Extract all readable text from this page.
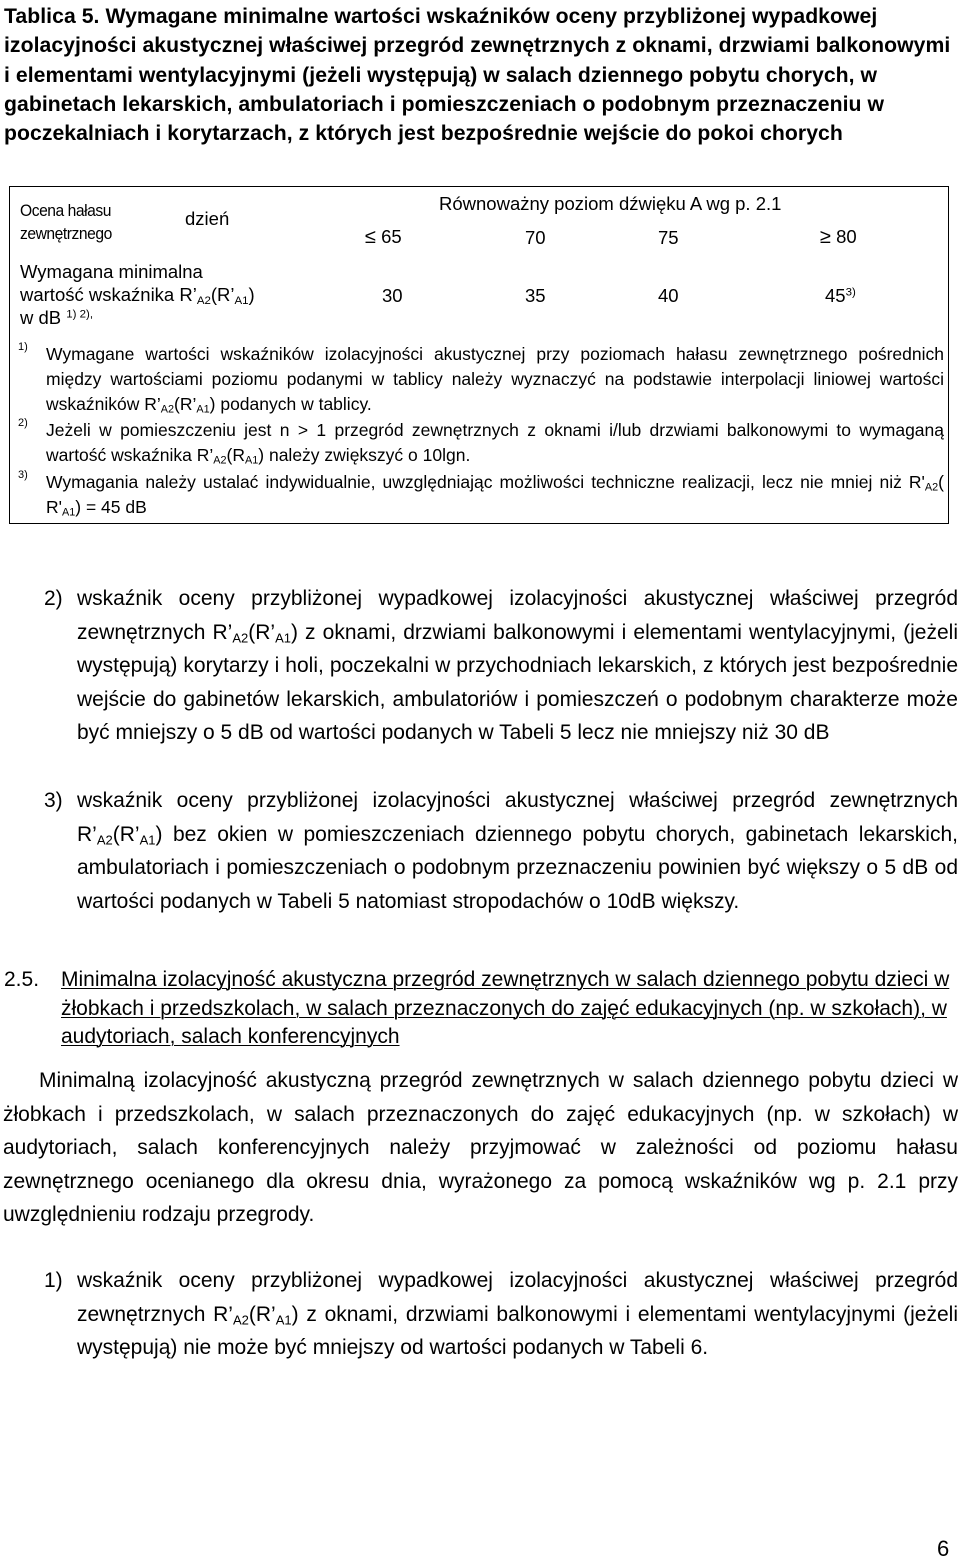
Tablica 5. Wymagane minimalne wartości wskaźników oceny przybliżonej wypadkowej izolacyjności akustycznej właściwej przegród zewnętrznych z oknami, drzwiami balkonowymi i elementami wentylacyjnymi (jeżeli występują) w salach dziennego pobytu chorych, w gabinetach lekarskich, ambulatoriach i pomieszczeniach o podobnym przeznaczeniu w poczekalniach i korytarzach, z których jest bezpośrednie wejście do pokoi chorych
Ocena hałasu zewnętrznego
dzień
Równoważny poziom dźwięku A wg p. 2.1
≤ 65	70	75	≥ 80
Wymagana minimalna
wartość wskaźnika $R’_{A2}(R’_{A1})$
w dB $^{1) 2),}$
30	35	40	45$^{3)}$
1) Wymagane wartości wskaźników izolacyjności akustycznej przy poziomach hałasu zewnętrznego pośrednich między wartościami poziomu podanymi w tablicy należy wyznaczyć na podstawie interpolacji liniowej wartości wskaźników $R’_{A2}(R’_{A1})$ podanych w tablicy.
2) Jeżeli w pomieszczeniu jest n > 1 przegród zewnętrznych z oknami i/lub drzwiami balkonowymi to wymaganą wartość wskaźnika $R’_{A2}(R_{A1})$ należy zwiększyć o 10lgn.
3) Wymagania należy ustalać indywidualnie, uwzględniając możliwości techniczne realizacji, lecz nie mniej niż $R'_{A2}$( $R'_{A1}) = 45$ dB
2) wskaźnik oceny przybliżonej wypadkowej izolacyjności akustycznej właściwej przegród zewnętrznych $R’_{A2}(R’_{A1})$ z oknami, drzwiami balkonowymi i elementami wentylacyjnymi, (jeżeli występują) korytarzy i holi, poczekalni w przychodniach lekarskich, z których jest bezpośrednie wejście do gabinetów lekarskich, ambulatoriów i pomieszczeń o podobnym charakterze może być mniejszy o 5 dB od wartości podanych w Tabeli 5 lecz nie mniejszy niż 30 dB
3) wskaźnik oceny przybliżonej izolacyjności akustycznej właściwej przegród zewnętrznych $R’_{A2}(R’_{A1})$ bez okien w pomieszczeniach dziennego pobytu chorych, gabinetach lekarskich, ambulatoriach i pomieszczeniach o podobnym przeznaczeniu powinien być większy o 5 dB od wartości podanych w Tabeli 5 natomiast stropodachów o 10dB większy.
2.5. Minimalna izolacyjność akustyczna przegród zewnętrznych w salach dziennego pobytu dzieci w żłobkach i przedszkolach, w salach przeznaczonych do zajęć edukacyjnych (np. w szkołach), w audytoriach, salach konferencyjnych
Minimalną izolacyjność akustyczną przegród zewnętrznych w salach dziennego pobytu dzieci w żłobkach i przedszkolach, w salach przeznaczonych do zajęć edukacyjnych (np. w szkołach) w audytoriach, salach konferencyjnych należy przyjmować w zależności od poziomu hałasu zewnętrznego ocenianego dla okresu dnia, wyrażonego za pomocą wskaźników wg p. 2.1 przy uwzględnieniu rodzaju przegrody.
1) wskaźnik oceny przybliżonej wypadkowej izolacyjności akustycznej właściwej przegród zewnętrznych $R’_{A2}(R’_{A1})$ z oknami, drzwiami balkonowymi i elementami wentylacyjnymi (jeżeli występują) nie może być mniejszy od wartości podanych w Tabeli 6.
6
